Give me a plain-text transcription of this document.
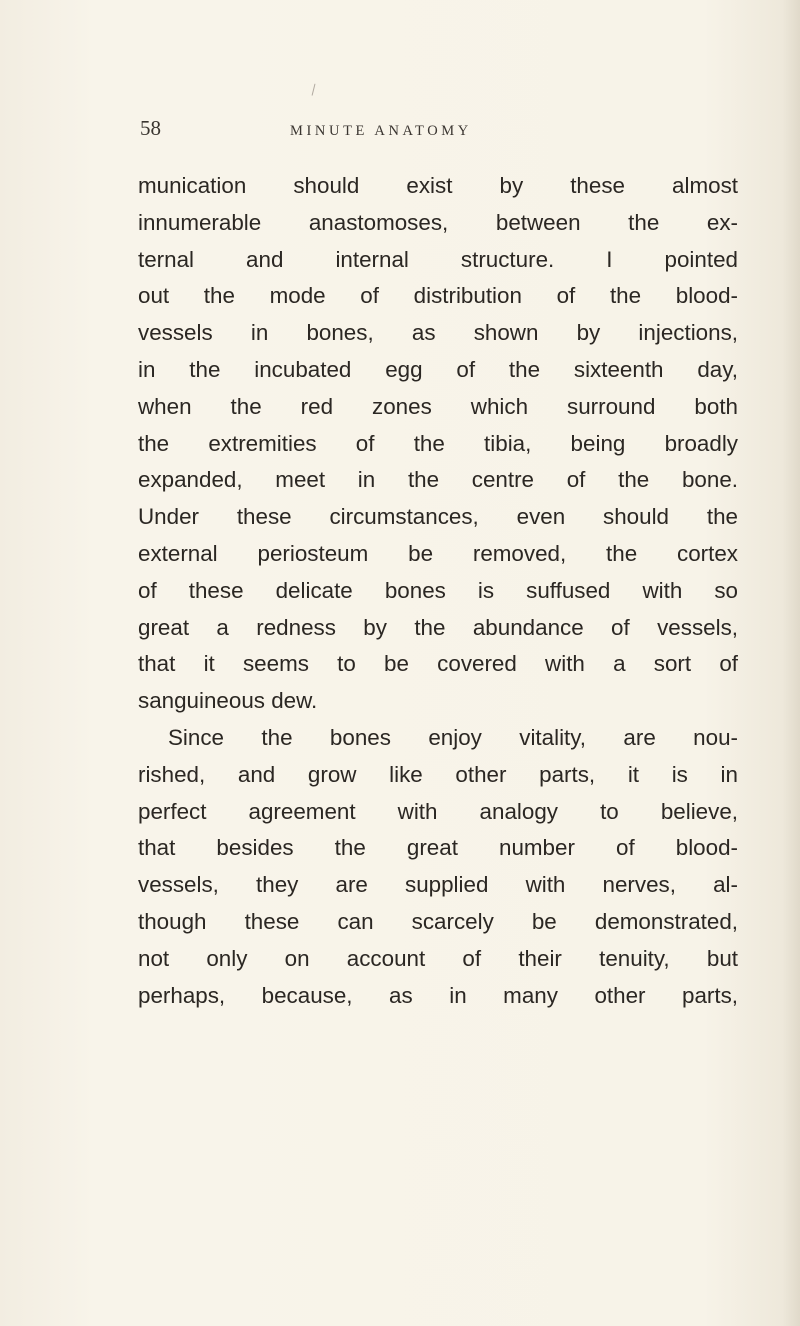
58	MINUTE ANATOMY
munication should exist by these almost
innumerable anastomoses, between the ex-
ternal and internal structure. I pointed
out the mode of distribution of the blood-
vessels in bones, as shown by injections,
in the incubated egg of the sixteenth day,
when the red zones which surround both
the extremities of the tibia, being broadly
expanded, meet in the centre of the bone.
Under these circumstances, even should the
external periosteum be removed, the cortex
of these delicate bones is suffused with so
great a redness by the abundance of vessels,
that it seems to be covered with a sort of
sanguineous dew.
Since the bones enjoy vitality, are nou-
rished, and grow like other parts, it is in
perfect agreement with analogy to believe,
that besides the great number of blood-
vessels, they are supplied with nerves, al-
though these can scarcely be demonstrated,
not only on account of their tenuity, but
perhaps, because, as in many other parts,
